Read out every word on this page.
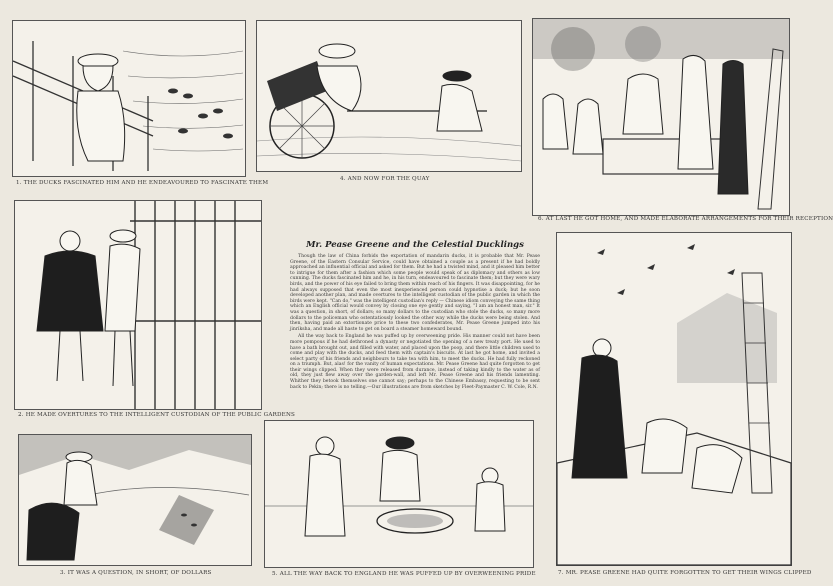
1. THE DUCKS FASCINATED HIM AND HE ENDEAVOURED TO FASCINATE THEM
4. AND NOW FOR THE QUAY
6. AT LAST HE GOT HOME, AND MADE ELABORATE ARRANGEMENTS FOR THEIR RECEPTION
Mr. Pease Greene and the Celestial Ducklings

Though the law of China forbids the exportation of mandarin ducks, it is probable that Mr. Pease Greene, of the Eastern Consular Service, could have obtained a couple as a present if he had boldly approached an influential official and asked for them. But he had a twisted mind, and it pleased him better to intrigue for them after a fashion which some people would speak of as diplomacy and others as low cunning. The ducks fascinated him and he, in his turn, endeavoured to fascinate them; but they were wary birds, and the power of his eye failed to bring them within reach of his fingers. It was disappointing, for he had always supposed that even the most inexperienced person could hypnotise a duck; but he soon developed another plan, and made overtures to the intelligent custodian of the public garden in which the birds were kept. "Can do," was the intelligent custodian's reply — Chinese idiom conveying the same thing which an English official would convey by closing one eye gently and saying, "I am an honest man, sir." It was a question, in short, of dollars; so many dollars to the custodian who stole the ducks, so many more dollars to the policeman who ostentatiously looked the other way while the ducks were being stolen. And then, having paid an extortionate price to these two confederates, Mr. Pease Greene jumped into his jinriksha, and made all haste to get on board a steamer homeward bound.

All the way back to England he was puffed up by overweening pride. His manner could not have been more pompous if he had dethroned a dynasty or negotiated the opening of a new treaty port. He used to have a bath brought out, and filled with water, and placed upon the poop, and there little children used to come and play with the ducks, and feed them with captain's biscuits. At last he got home, and invited a select party of his friends and neighbours to take tea with him, to meet the ducks. He had fully reckoned on a triumph. But, alas! for the vanity of human expectations. Mr. Pease Greene had quite forgotten to get their wings clipped. When they were released from durance, instead of taking kindly to the water as of old, they just flew away over the garden-wall, and left Mr. Pease Greene and his friends lamenting. Whither they betook themselves one cannot say; perhaps to the Chinese Embassy, requesting to be sent back to Pekin; there is no telling.—Our illustrations are from sketches by Fleet-Paymaster C. W. Cole, R.N.

2. HE MADE OVERTURES TO THE INTELLIGENT CUSTODIAN OF THE PUBLIC GARDENS
3. IT WAS A QUESTION, IN SHORT, OF DOLLARS	5. ALL THE WAY BACK TO ENGLAND HE WAS PUFFED UP BY OVERWEENING PRIDE	7. MR. PEASE GREENE HAD QUITE FORGOTTEN TO GET THEIR WINGS CLIPPED
